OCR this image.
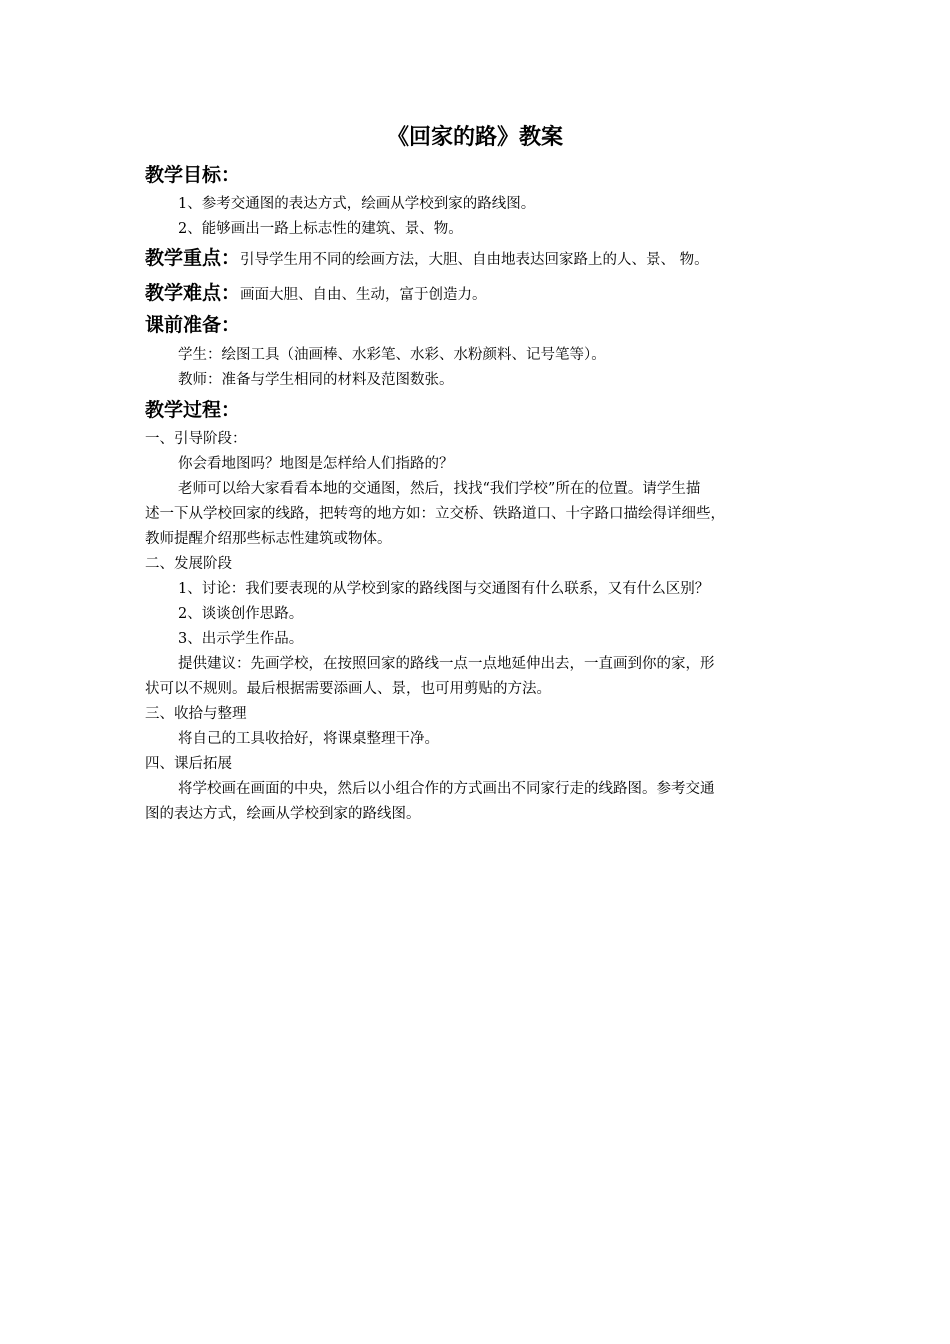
《回家的路》教案
教学目标：
1、参考交通图的表达方式，绘画从学校到家的路线图。
2、能够画出一路上标志性的建筑、景、物。
教学重点：引导学生用不同的绘画方法，大胆、自由地表达回家路上的人、景、 物。
教学难点：画面大胆、自由、生动，富于创造力。
课前准备：
学生：绘图工具（油画棒、水彩笔、水彩、水粉颜料、记号笔等）。
教师：准备与学生相同的材料及范图数张。
教学过程：
一、引导阶段：
你会看地图吗？地图是怎样给人们指路的？
老师可以给大家看看本地的交通图，然后，找找“我们学校”所在的位置。请学生描
述一下从学校回家的线路，把转弯的地方如：立交桥、铁路道口、十字路口描绘得详细些，
教师提醒介绍那些标志性建筑或物体。
二、发展阶段
1、讨论：我们要表现的从学校到家的路线图与交通图有什么联系，又有什么区别？
2、谈谈创作思路。
3、出示学生作品。
提供建议：先画学校，在按照回家的路线一点一点地延伸出去，一直画到你的家，形
状可以不规则。最后根据需要添画人、景，也可用剪贴的方法。
三、收拾与整理
将自己的工具收拾好，将课桌整理干净。
四、课后拓展
将学校画在画面的中央，然后以小组合作的方式画出不同家行走的线路图。参考交通
图的表达方式，绘画从学校到家的路线图。
